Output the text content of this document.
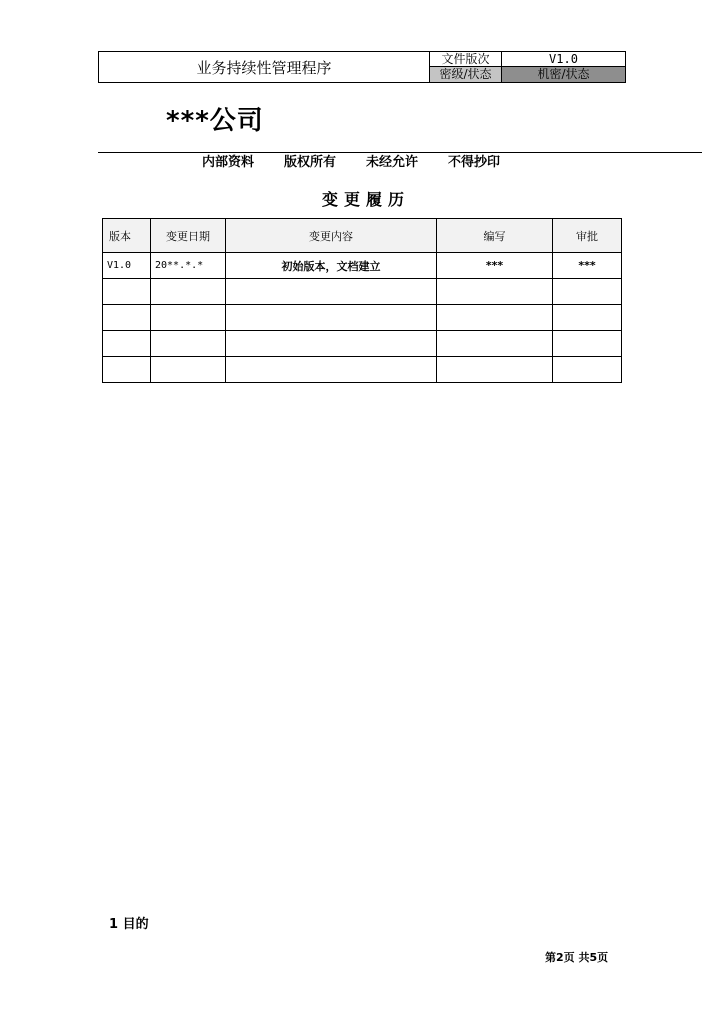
业务持续性管理程序	文件版次	V1.0
密级/状态	机密/状态
***公司
内部资料 版权所有 未经允许 不得抄印
变更履历
版本	变更日期	变更内容	编写	审批
V1.0	20**.*.*	初始版本，文档建立	***	***

1 目的
第2页 共5页
